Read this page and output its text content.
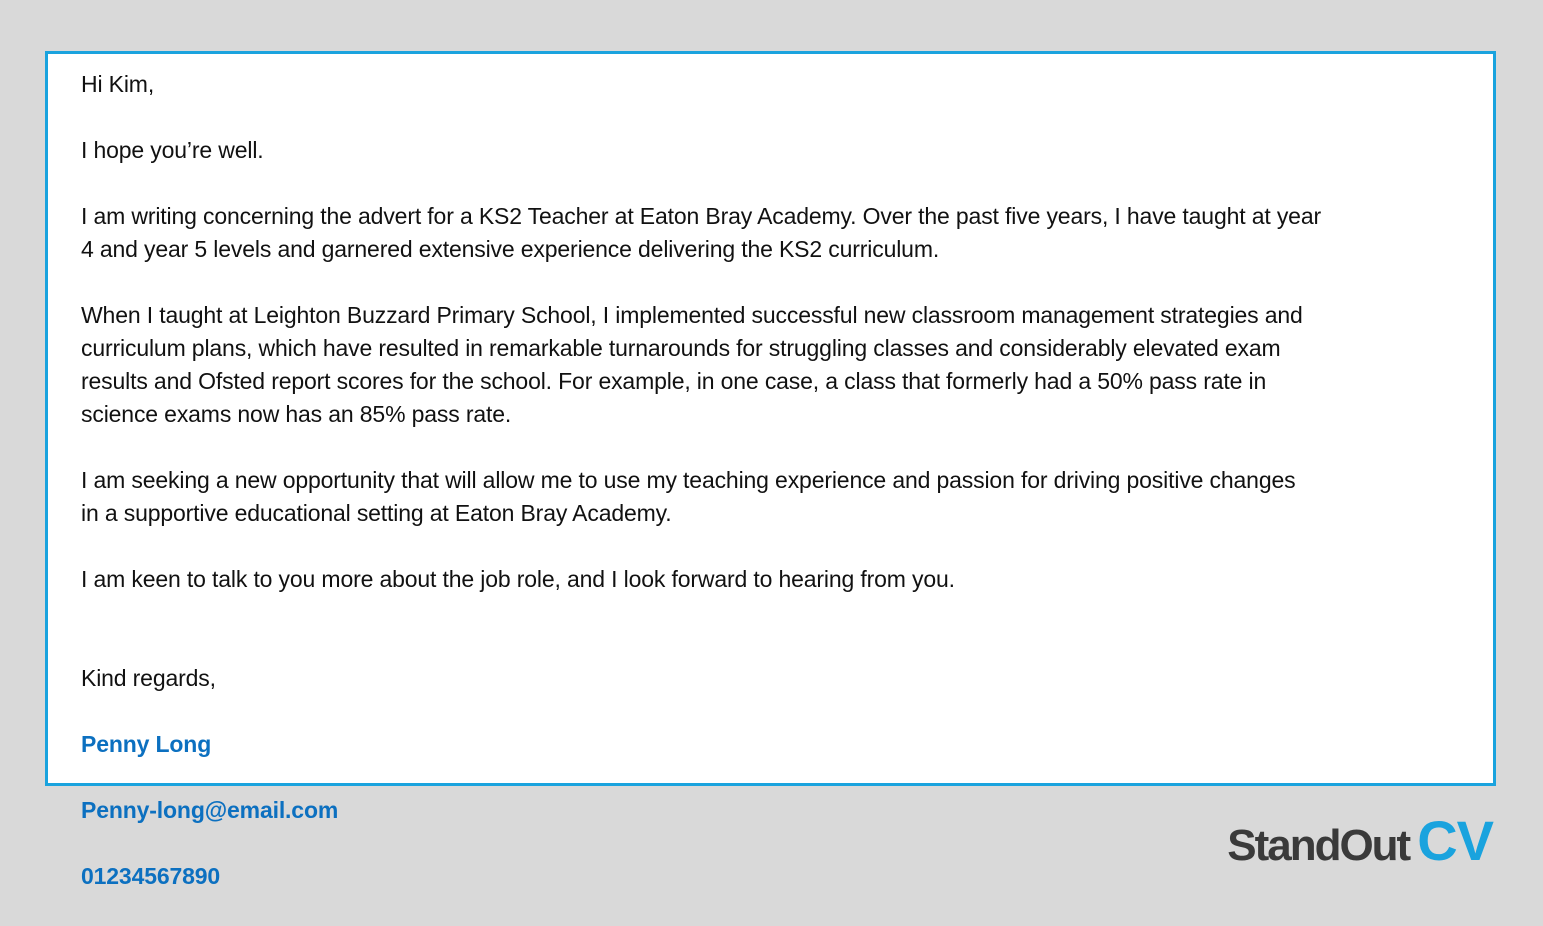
Hi Kim,

I hope you’re well.

I am writing concerning the advert for a KS2 Teacher at Eaton Bray Academy. Over the past five years, I have taught at year
4 and year 5 levels and garnered extensive experience delivering the KS2 curriculum.

When I taught at Leighton Buzzard Primary School, I implemented successful new classroom management strategies and
curriculum plans, which have resulted in remarkable turnarounds for struggling classes and considerably elevated exam
results and Ofsted report scores for the school. For example, in one case, a class that formerly had a 50% pass rate in
science exams now has an 85% pass rate.

I am seeking a new opportunity that will allow me to use my teaching experience and passion for driving positive changes
in a supportive educational setting at Eaton Bray Academy.

I am keen to talk to you more about the job role, and I look forward to hearing from you.

Kind regards,

Penny Long

Penny-long@email.com

01234567890

StandOut CV
